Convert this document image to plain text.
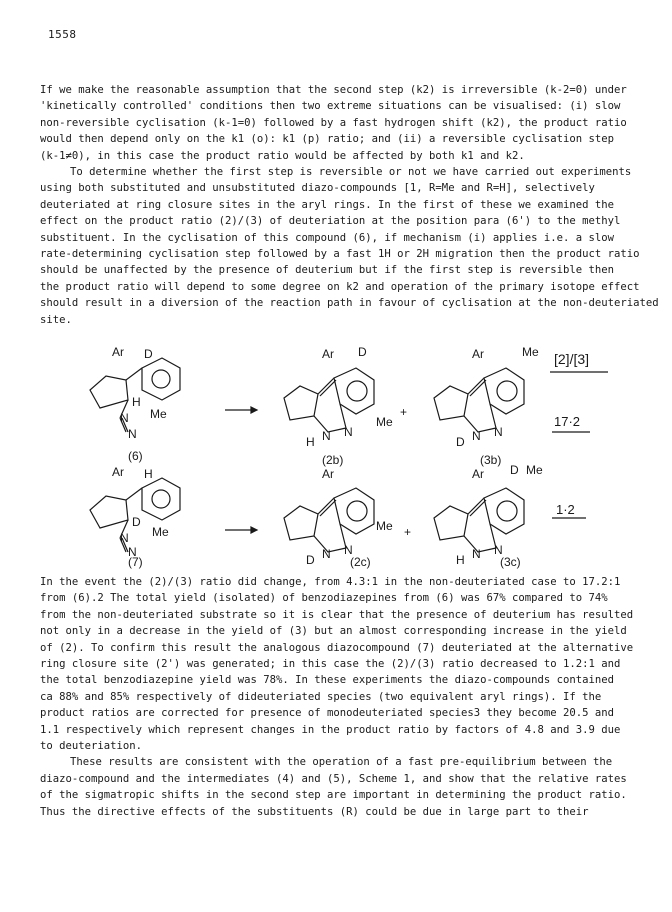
1558

If we make the reasonable assumption that the second step (k2) is irreversible (k-2=0) under

'kinetically controlled' conditions then two extreme situations can be visualised: (i) slow

non-reversible cyclisation (k-1=0) followed by a fast hydrogen shift (k2), the product ratio

would then depend only on the k1 (o): k1 (p) ratio; and (ii) a reversible cyclisation step

(k-1≠0), in this case the product ratio would be affected by both k1 and k2.

To determine whether the first step is reversible or not we have carried out experiments

using both substituted and unsubstituted diazo-compounds [1, R=Me and R=H], selectively

deuteriated at ring closure sites in the aryl rings. In the first of these we examined the

effect on the product ratio (2)/(3) of deuteriation at the position para (6') to the methyl

substituent. In the cyclisation of this compound (6), if mechanism (i) applies i.e. a slow

rate-determining cyclisation step followed by a fast 1H or 2H migration then the product ratio

should be unaffected by the presence of deuterium but if the first step is reversible then

the product ratio will depend to some degree on k2 and operation of the primary isotope effect

should result in a diversion of the reaction path in favour of cyclisation at the non-deuteriated

site.

Ar D
H
Me
N
N
(6)
Ar D
Me
H N N
(2b)
+
Ar	Me
D N N
(3b)
[2]/[3]
17·2
Ar H
D
Me
N
N
(7)
Ar
Me
D N N
(2c)
+
Ar D Me
H N N
(3c)
1·2

In the event the (2)/(3) ratio did change, from 4.3:1 in the non-deuteriated case to 17.2:1

from (6).2 The total yield (isolated) of benzodiazepines from (6) was 67% compared to 74%

from the non-deuteriated substrate so it is clear that the presence of deuterium has resulted

not only in a decrease in the yield of (3) but an almost corresponding increase in the yield

of (2). To confirm this result the analogous diazocompound (7) deuteriated at the alternative

ring closure site (2') was generated; in this case the (2)/(3) ratio decreased to 1.2:1 and

the total benzodiazepine yield was 78%. In these experiments the diazo-compounds contained

ca 88% and 85% respectively of dideuteriated species (two equivalent aryl rings). If the

product ratios are corrected for presence of monodeuteriated species3 they become 20.5 and

1.1 respectively which represent changes in the product ratio by factors of 4.8 and 3.9 due

to deuteriation.

These results are consistent with the operation of a fast pre-equilibrium between the

diazo-compound and the intermediates (4) and (5), Scheme 1, and show that the relative rates

of the sigmatropic shifts in the second step are important in determining the product ratio.

Thus the directive effects of the substituents (R) could be due in large part to their
